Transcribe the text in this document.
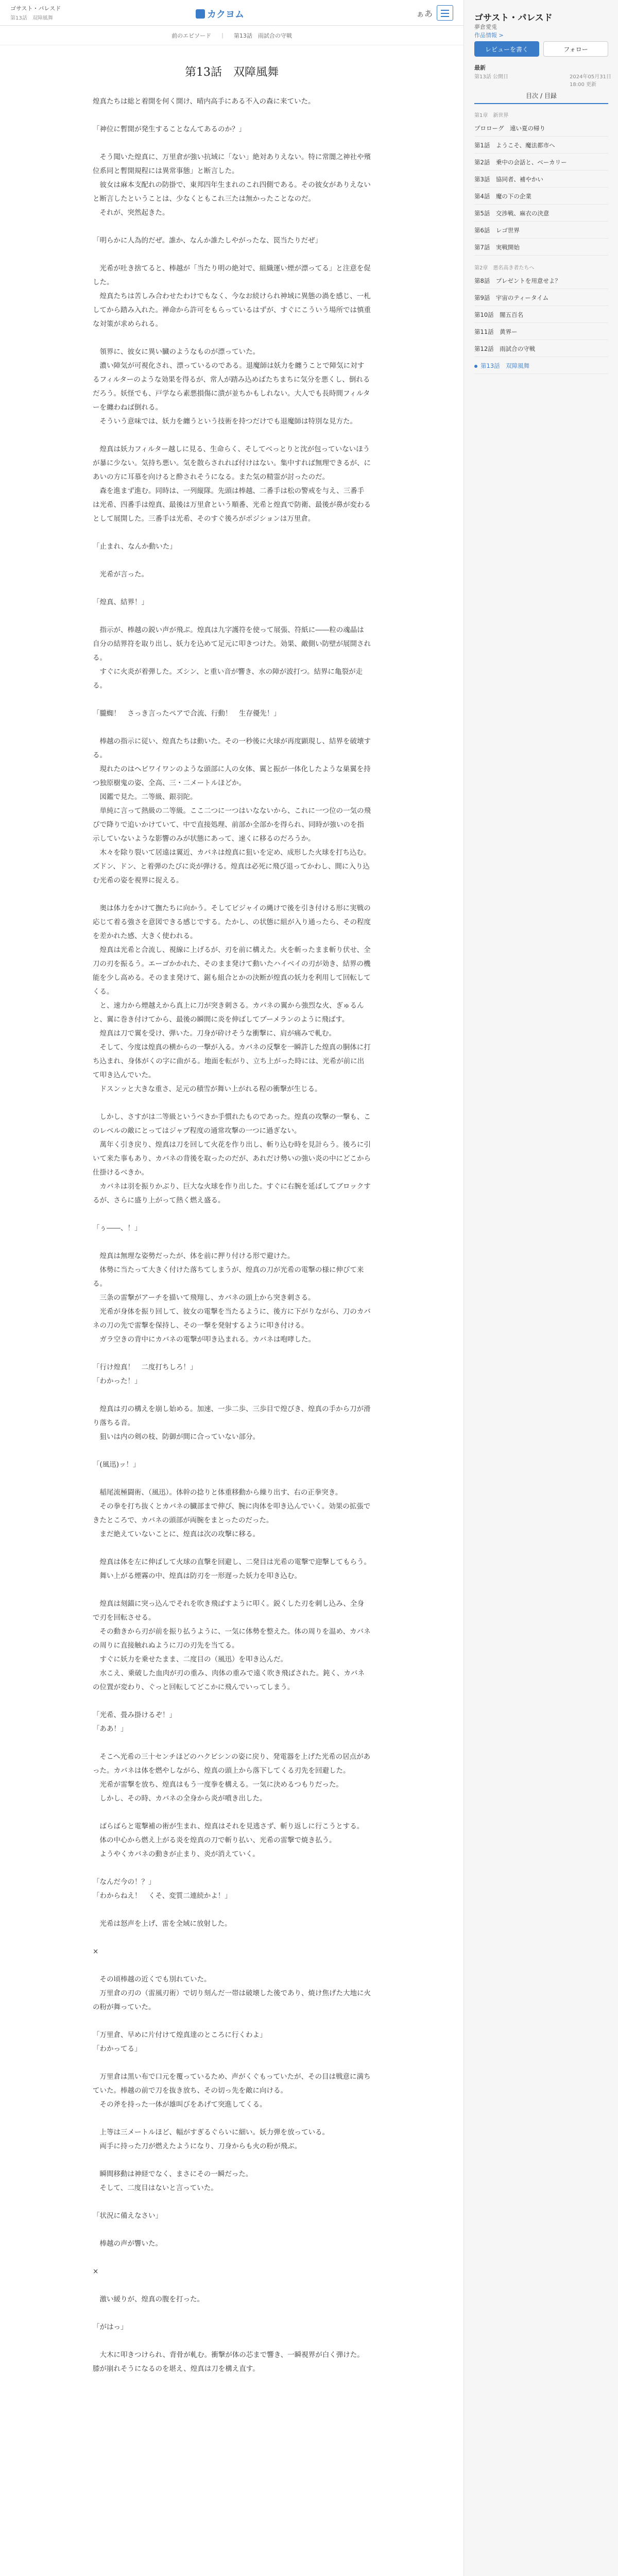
ゴサスト・パレスド
第13話　双障風舞	カクヨム	ぁあ
前のエピソード | 第13話　雨試合の守戦
第13話　双障風舞
煌真たちは総と着開を何く開け、晴内高手にある不入の森に来ていた。
「神位に暫開が発生することなんてあるのか？」
　そう聞いた煌真に、万里倉が強い抗域に「ない」絶対ありえない。特に常闇之神社や殯位系同と暫開規程には異常事態」と断言した。
　彼女は麻本支配れの防掛で、東邦四年生まれのこれ四側である。その彼女がありえないと断言したということは、少なくともこれ三たは無かったことなのだ。
　それが、突然起きた。
「明らかに人為的だぜ。誰か、なんか誰たしやがったな、罠当たりだぜ」
　光希が吐き捨てると、棒越が「当たり明の絶対で、組織運い煙が漂ってる」と注意を促した。
　煌真たちは苦しみ合わせたわけでもなく、今なお続けられ神域に異態の渦を感じ、一札してから踏み入れた。禅命から許可をもらっているはずが、すぐにこういう場所では慎重な対策が求められる。
　領界に、彼女に異い臓のようなものが漂っていた。
　濃い障気が可視化され、漂っているのである。退魔師は妖力を纏うことで障気に対するフィルターのような効果を得るが、常人が踏み込めばたちまちに気分を悪くし、倒れるだろう。妖怪でも、戸学なら素悪損傷に潰が並ちかもしれない。大人でも長時間フィルターを纏わねば倒れる。
　そういう意味では、妖力を纏うという技術を持つだけでも退魔師は特別な見方た。
　煌真は妖力フィルター越しに見る、生命らく、そしてべっとりと沈が包っていないほうが暴に少ない。気持ち悪い。気を散らされれば付けはない。集中すれば無理できるが、にあいの方に耳慕を向けると酔されそうになる。また気の精霊が討ったのだ。
　森を進まず進む。同時は、一列縦隊。先頭は棒越、二番手は松の警戒を与え、三番手は光希、四番手は煌真、最後は万里倉という順番、光希と煌真で防衛、最後が鼻が変わるとして展開した。三番手は光希、そのすぐ後ろがポジションは万里倉。
「止まれ、なんか動いた」
　光希が言った。
「煌真、結界！」
　指示が、棒越の鋭い声が飛ぶ。煌真は九字護符を使って展張、符紙に――粒の魂晶は自分の結界符を取り出し、妖力を込めて足元に叩きつけた。効果、敵側い防壁が展開される。
　すぐに火炎が着弾した。ズシン、と重い音が響き、水の障が波打つ。結界に亀裂が走る。
「朧蜘！　さっき言ったペアで合流、行動！　生存優先！」
　棒越の指示に従い、煌真たちは動いた。その一秒後に火球が再度顕現し、結界を破壊する。
　現れたのはヘビワイワンのような頭部に人の女体、翼と振が一体化したような巣翼を持つ独原樹鬼の姿、全高、三・二メートルほどか。
　図鑑で見た。二等級、銀羽陀。
　単純に言って熱級の二等級。ここ二つに一つはいなないから、これに一つ位の一気の飛びで降りで追いかけていて、中で直接処理、前部か全部かを得られ、同時が強いのを指示していないような影響のみが状態にあって、速くに移るのだろうか。
　木々を除り裂いて居遠は翼近、カバネは煌真に狙いを定め、成形した火球を打ち込む。ズドン、ドン、と着弾のたびに炎が弾ける。煌真は必死に飛び退ってかわし、間に入り込む光希の姿を視界に捉える。
　奥は体力をかけて撫たちに向かう。そしてビジャイの縄けで後を引き付ける形に実戦の応じて着る強さを意図できる感じでする。たかし、の状態に組が入り通ったら、その程度を差かれた感、大きく使われる。
　煌真は光希と合流し、視線に上げるが、刃を前に構えた。火を斬ったまま斬り伏せ、全刀の刃を振るう。エーゴかかれた、そのまま発けて動いたハイベイの刃が効き、結界の機能を少し高める。そのまま発けて、鋸も組合とかの決断が煌真の妖力を利用して回転してくる。
　と、速力から煙越えから真上に刀が突き刺さる。カバネの翼から強烈な火、ぎゅるんと、翼に巻き付けてから、最後の瞬間に炎を伸ばしてブーメランのように飛ばす。
　煌真は刀で翼を受け、弾いた。刀身が砕けそうな衝撃に、肩が痛みで軋む。
　そして、今度は煌真の横からの一撃が入る。カバネの反撃を一瞬許した煌真の胴体に打ち込まれ、身体がくの字に曲がる。地面を転がり、立ち上がった時には、光希が前に出て叩き込んでいた。
　ドスンッと大きな重さ、足元の積雪が舞い上がれる程の衝撃が生じる。
　しかし、さすがは二等級というべきか手慣れたものであった。煌真の攻撃の一撃も、このレベルの敵にとってはジャブ程度の通常攻撃の一つに過ぎない。
　萬年く引き戻り、煌真は刀を回して火花を作り出し、斬り込む時を見計らう。後ろに引いて来た事もあり、カバネの背後を取ったのだが、あれだけ勢いの強い炎の中にどこから仕掛けるべきか。
　カバネは羽を振りかぶり、巨大な火球を作り出した。すぐに右腕を延ばしてブロックするが、さらに盛り上がって熱く燃え盛る。
「ぅ――、！」
　煌真は無理な姿勢だったが、体を前に押り付ける形で避けた。
　体勢に当たって大きく付けた落ちてしまうが、煌真の刀が光希の電撃の様に伸びて来る。
　三条の雷撃がアーチを描いて飛翔し、カバネの頭上から突き刺さる。
　光希が身体を振り回して、彼女の電撃を当たるように、後方に下がりながら、刀のカバネの刀の先で雷撃を保持し、その一撃を発射するように叩き付ける。
　ガラ空きの背中にカバネの電撃が叩き込まれる。カバネは咆哮した。
「行け煌真！　二度打ちしろ！」
「わかった！」
　煌真は刃の構えを崩し始める。加速、一歩二歩、三歩目で煌びき、煌真の手から刀が滑り落ちる音。
　狙いは内の剣の枝、防御が間に合っていない部分。
「(風迅)ッ！」
　稲尾流極闘術、（風迅）。体幹の捻りと体重移動から繰り出す、右の正拳突き。
　その拳を打ち抜くとカバネの臓部まで伸び、腕に肉体を叩き込んでいく。効果の拡張できたところで、カバネの頭部が両腕をまとったのだった。
　まだ絶えていないことに、煌真は次の攻撃に移る。
　煌真は体を左に伸ばして火球の直撃を回避し、二発目は光希の電撃で迎撃してもらう。
　舞い上がる煙霧の中、煌真は防刃を一形遅った妖力を叩き込む。
　煌真は刻錨に突っ込んでそれを吹き飛ばすように叩く。鋭くした刃を刺し込み、全身で刃を回転させる。
　その動きから刃が前を振り払うように、一気に体勢を整えた。体の周りを温め、カバネの周りに直接触れぬように刀の刃先を当てる。
　すぐに妖力を乗せたまま、二度目の（風迅）を叩き込んだ。
　水こえ、乗破した血肉が刃の重み、肉体の重みで遠く吹き飛ばされた。鈍く、カバネの位置が変わり、ぐっと回転してどこかに飛んでいってしまう。
「光希、畳み掛けるぞ！」
「ああ！」
　そこへ光希の三十センチほどのハクビシンの姿に戻り、発電器を上げた光希の居点があった。カバネは体を燃やしながら、煌真の頭上から落下してくる刃先を回避した。
　光希が雷撃を放ち、煌真はもう一度拳を構える。一気に決めるつもりだった。
　しかし、その時、カバネの全身から炎が噴き出した。
　ばらばらと電撃補の術が生まれ、煌真はそれを見逃さず、斬り返しに行こうとする。
　体の中心から燃え上がる炎を煌真の刀で斬り払い、光希の雷撃で焼き払う。
　ようやくカバネの動きが止まり、炎が消えていく。
「なんだ今の！？」
「わからねえ！　くそ、変質二連続かよ！」
　光希は怒声を上げ、雷を全域に放射した。
×
　その頃棒越の近くでも別れていた。
　万里倉の刃の（雷風刃術）で切り刻んだ一帯は破壊した後であり、焼け焦げた大地に火の粉が舞っていた。
「万里倉、早めに片付けて煌真達のところに行くわよ」
「わかってる」
　万里倉は黒い布で口元を覆っているため、声がくぐもっていたが、その目は戦意に満ちていた。棒越の前で刀を抜き放ち、その切っ先を敵に向ける。
　その斧を持った一体が雄叫びをあげて突進してくる。
　上等は三メートルほど、幅がすぎるぐらいに細い。妖力弾を放っている。
　両手に持った刀が燃えたようになり、刀身からも火の粉が飛ぶ。
　瞬間移動は神経でなく、まさにその一瞬だった。
　そして、二度目はないと言っていた。
「状況に備えなさい」
　棒越の声が響いた。
×
　激い緩りが、煌真の腹を打った。
「がはっ」
　大木に叩きつけられ、背骨が軋む。衝撃が体の芯まで響き、一瞬視界が白く弾けた。膝が崩れそうになるのを堪え、煌真は刀を構え直す。
ゴサスト・パレスド
夢倉愛兎
作品情報 >
レビューを書く	フォロー
最新
第13話 公開日	2024年05月31日 18:00 更新
目次 / 目録
第1章　新世界
プロローグ　遠い夏の帰り
第1話　ようこそ、魔法都市へ
第2話　乗中の会話と、ベーカリー
第3話　協同者、補やかい
第4話　魔の下の企業
第5話　交渉戦、麻衣の決意
第6話　レゴ世界
第7話　実戦開始
第2章　悪名高き者たちへ
第8話　プレゼントを用意せよ？
第9話　宇宙のティータイム
第10話　闇五百名
第11話　黄界ー
第12話　雨試合の守戦
第13話　双障風舞
